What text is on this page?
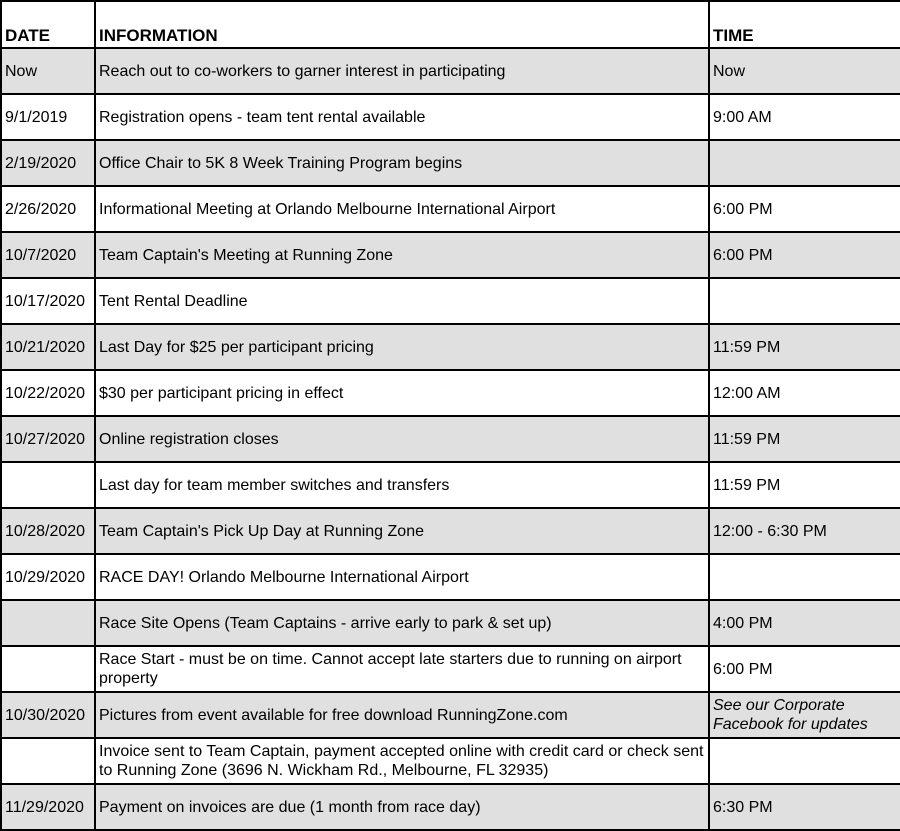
DATE	INFORMATION	TIME
Now	Reach out to co-workers to garner interest in participating	Now
9/1/2019	Registration opens - team tent rental available	9:00 AM
2/19/2020	Office Chair to 5K 8 Week Training Program begins	
2/26/2020	Informational Meeting at Orlando Melbourne International Airport	6:00 PM
10/7/2020	Team Captain's Meeting at Running Zone	6:00 PM
10/17/2020	Tent Rental Deadline	
10/21/2020	Last Day for $25 per participant pricing	11:59 PM
10/22/2020	$30 per participant pricing in effect	12:00 AM
10/27/2020	Online registration closes	11:59 PM
	Last day for team member switches and transfers	11:59 PM
10/28/2020	Team Captain's Pick Up Day at Running Zone	12:00 - 6:30 PM
10/29/2020	RACE DAY! Orlando Melbourne International Airport	
	Race Site Opens (Team Captains - arrive early to park & set up)	4:00 PM
	Race Start - must be on time. Cannot accept late starters due to running on airport property	6:00 PM
10/30/2020	Pictures from event available for free download RunningZone.com	See our Corporate Facebook for updates
	Invoice sent to Team Captain, payment accepted online with credit card or check sent to Running Zone (3696 N. Wickham Rd., Melbourne, FL 32935)	
11/29/2020	Payment on invoices are due (1 month from race day)	6:30 PM
